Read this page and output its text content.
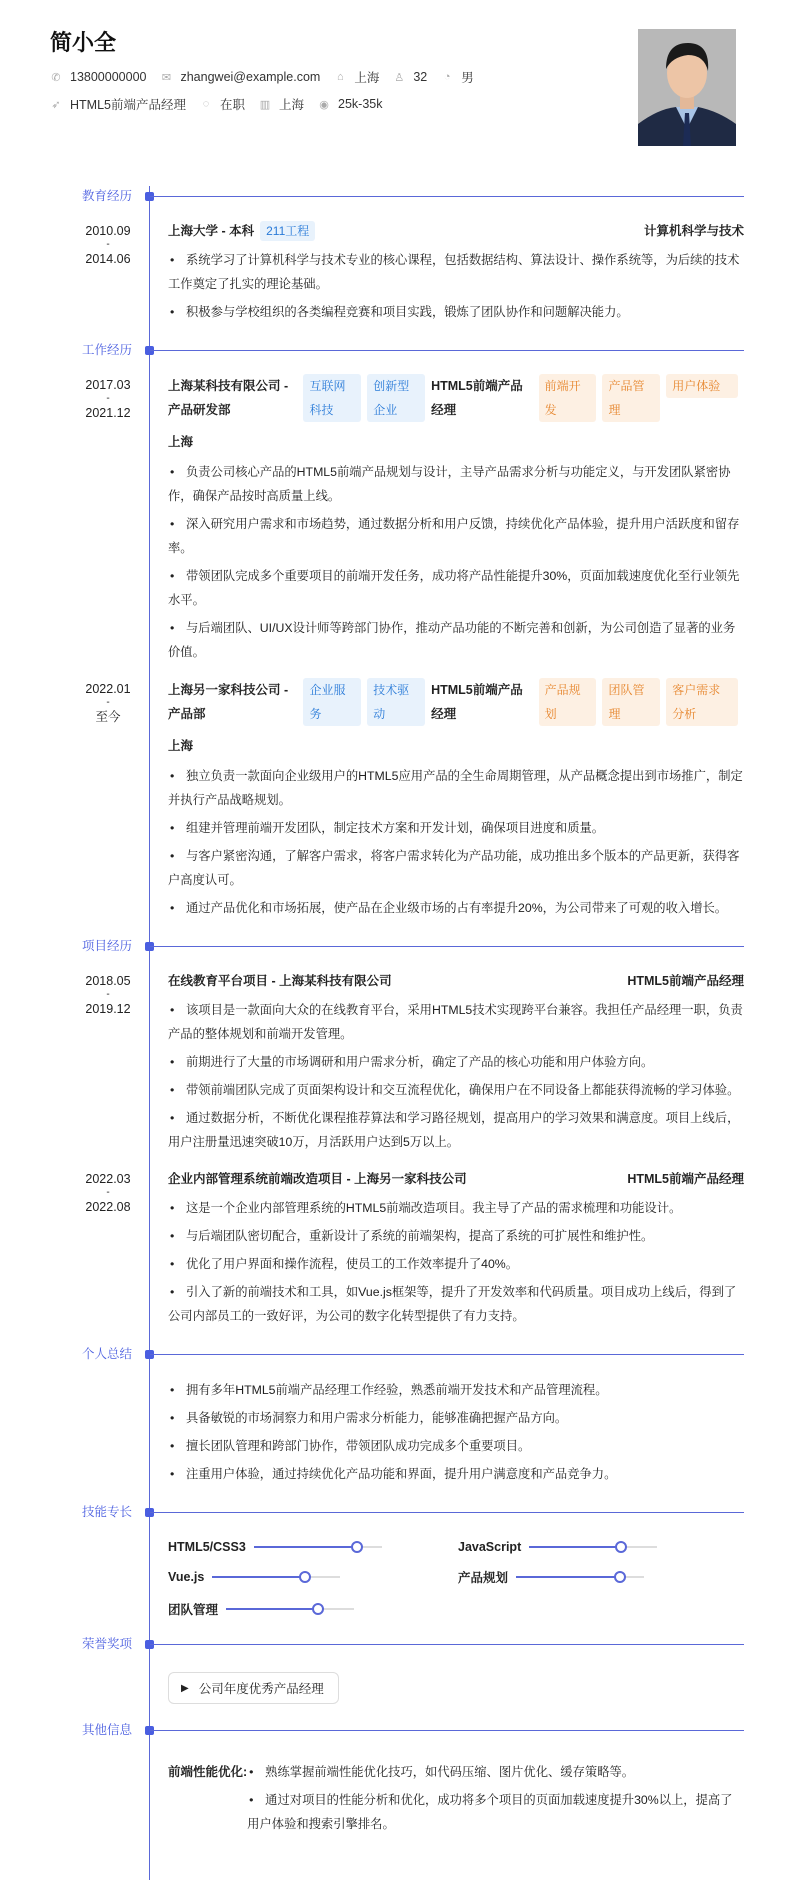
简小全
✆ 13800000000 ✉ zhangwei@example.com ⌂ 上海 ♙ 32 ◔ 男
➶ HTML5前端产品经理 ◌ 在职 ▥ 上海 ◉ 25k-35k
教育经历
2010.09
-
2014.06
上海大学 - 本科 211工程	计算机科学与技术
• 系统学习了计算机科学与技术专业的核心课程，包括数据结构、算法设计、操作系统等，为后续的技术工作奠定了扎实的理论基础。
• 积极参与学校组织的各类编程竞赛和项目实践，锻炼了团队协作和问题解决能力。
工作经历
2017.03
-
2021.12
上海某科技有限公司 - 产品研发部
互联网科技
创新型企业
HTML5前端产品经理
前端开发
产品管理
用户体验
上海
• 负责公司核心产品的HTML5前端产品规划与设计，主导产品需求分析与功能定义，与开发团队紧密协作，确保产品按时高质量上线。
• 深入研究用户需求和市场趋势，通过数据分析和用户反馈，持续优化产品体验，提升用户活跃度和留存率。
• 带领团队完成多个重要项目的前端开发任务，成功将产品性能提升30%，页面加载速度优化至行业领先水平。
• 与后端团队、UI/UX设计师等跨部门协作，推动产品功能的不断完善和创新，为公司创造了显著的业务价值。
2022.01
-
至今
上海另一家科技公司 - 产品部
企业服务
技术驱动
HTML5前端产品经理
产品规划
团队管理
客户需求分析
上海
• 独立负责一款面向企业级用户的HTML5应用产品的全生命周期管理，从产品概念提出到市场推广，制定并执行产品战略规划。
• 组建并管理前端开发团队，制定技术方案和开发计划，确保项目进度和质量。
• 与客户紧密沟通，了解客户需求，将客户需求转化为产品功能，成功推出多个版本的产品更新，获得客户高度认可。
• 通过产品优化和市场拓展，使产品在企业级市场的占有率提升20%，为公司带来了可观的收入增长。
项目经历
2018.05
-
2019.12
在线教育平台项目 - 上海某科技有限公司	HTML5前端产品经理
• 该项目是一款面向大众的在线教育平台，采用HTML5技术实现跨平台兼容。我担任产品经理一职，负责产品的整体规划和前端开发管理。
• 前期进行了大量的市场调研和用户需求分析，确定了产品的核心功能和用户体验方向。
• 带领前端团队完成了页面架构设计和交互流程优化，确保用户在不同设备上都能获得流畅的学习体验。
• 通过数据分析，不断优化课程推荐算法和学习路径规划，提高用户的学习效果和满意度。项目上线后，用户注册量迅速突破10万，月活跃用户达到5万以上。
2022.03
-
2022.08
企业内部管理系统前端改造项目 - 上海另一家科技公司	HTML5前端产品经理
• 这是一个企业内部管理系统的HTML5前端改造项目。我主导了产品的需求梳理和功能设计。
• 与后端团队密切配合，重新设计了系统的前端架构，提高了系统的可扩展性和维护性。
• 优化了用户界面和操作流程，使员工的工作效率提升了40%。
• 引入了新的前端技术和工具，如Vue.js框架等，提升了开发效率和代码质量。项目成功上线后，得到了公司内部员工的一致好评，为公司的数字化转型提供了有力支持。
个人总结
• 拥有多年HTML5前端产品经理工作经验，熟悉前端开发技术和产品管理流程。
• 具备敏锐的市场洞察力和用户需求分析能力，能够准确把握产品方向。
• 擅长团队管理和跨部门协作，带领团队成功完成多个重要项目。
• 注重用户体验，通过持续优化产品功能和界面，提升用户满意度和产品竞争力。
技能专长
HTML5/CSS3	JavaScript
Vue.js	产品规划
团队管理
荣誉奖项
▶ 公司年度优秀产品经理
其他信息
前端性能优化: • 熟练掌握前端性能优化技巧，如代码压缩、图片优化、缓存策略等。
• 通过对项目的性能分析和优化，成功将多个项目的页面加载速度提升30%以上，提高了用户体验和搜索引擎排名。
